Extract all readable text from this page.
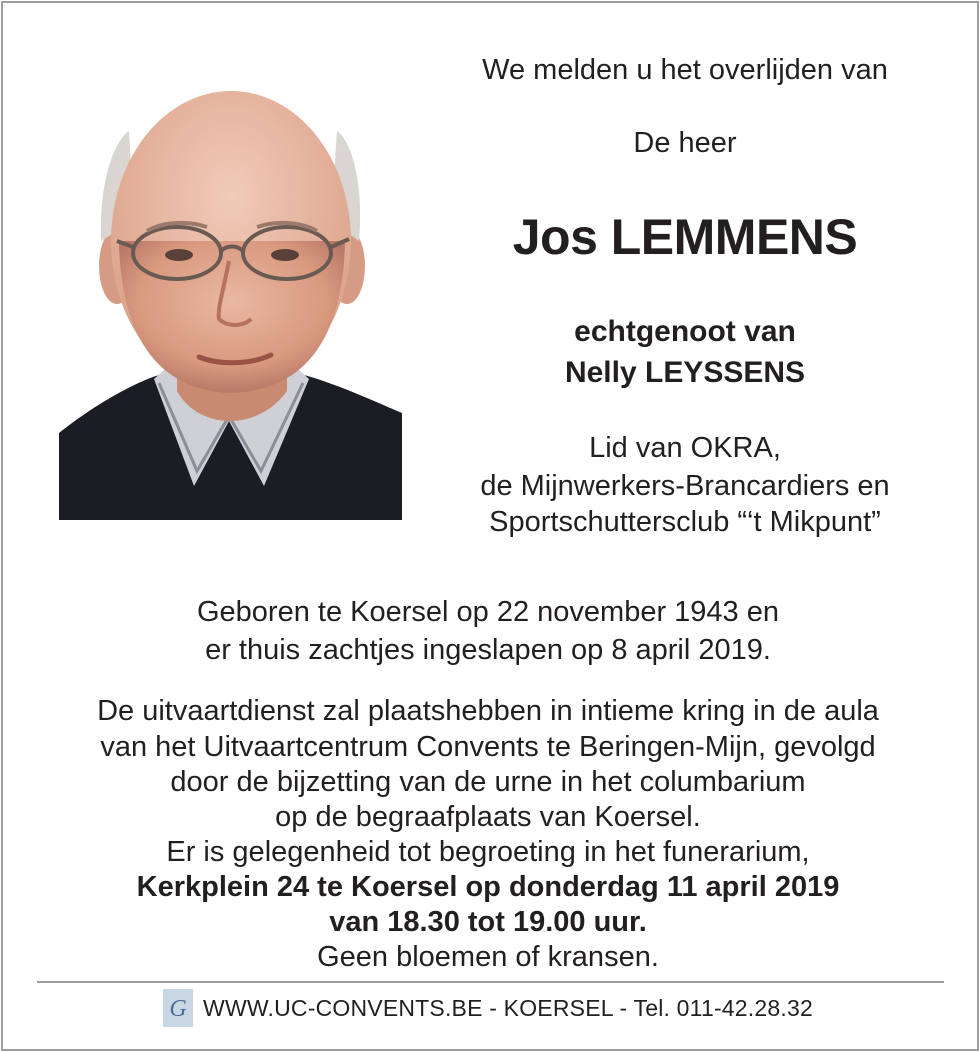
We melden u het overlijden van
De heer
Jos LEMMENS
echtgenoot van
Nelly LEYSSENS
Lid van OKRA,
de Mijnwerkers-Brancardiers en
Sportschuttersclub “‘t Mikpunt”
Geboren te Koersel op 22 november 1943 en
er thuis zachtjes ingeslapen op 8 april 2019.
De uitvaartdienst zal plaatshebben in intieme kring in de aula
van het Uitvaartcentrum Convents te Beringen-Mijn, gevolgd
door de bijzetting van de urne in het columbarium
op de begraafplaats van Koersel.
Er is gelegenheid tot begroeting in het funerarium,
Kerkplein 24 te Koersel op donderdag 11 april 2019
van 18.30 tot 19.00 uur.
Geen bloemen of kransen.
G WWW.UC-CONVENTS.BE - KOERSEL - Tel. 011-42.28.32
